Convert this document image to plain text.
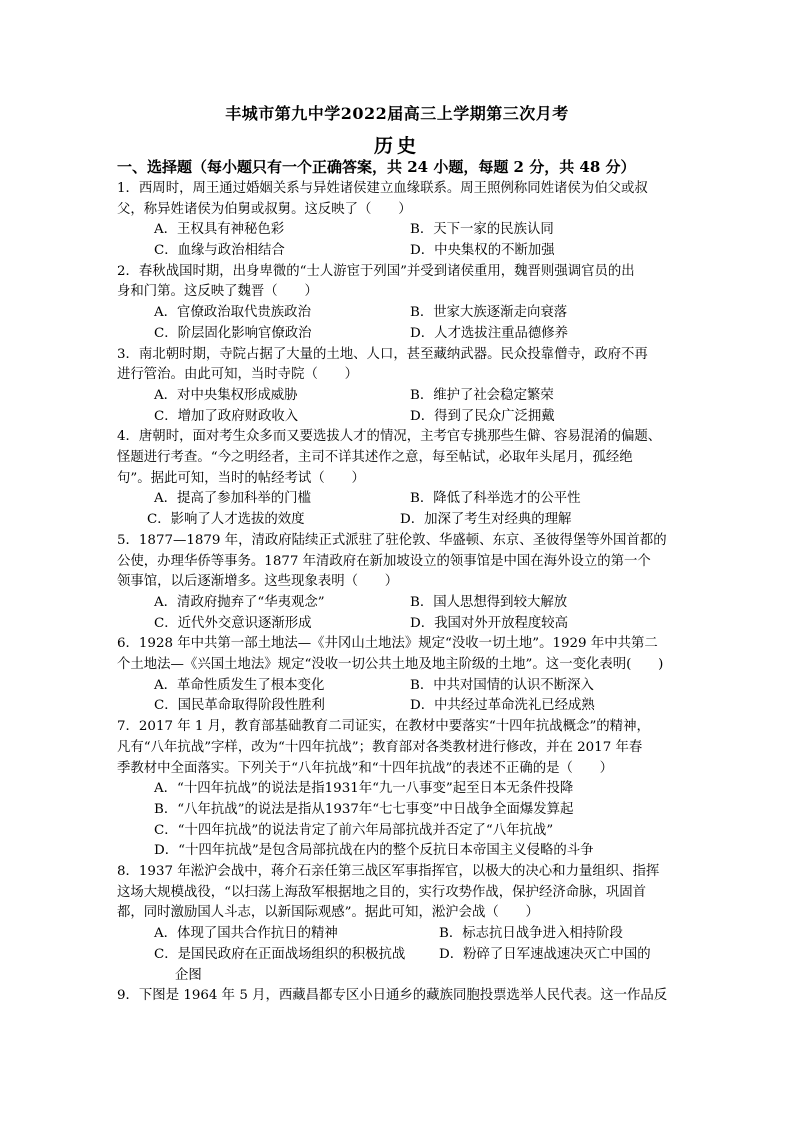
丰城市第九中学2022届高三上学期第三次月考
历史
一、选择题（每小题只有一个正确答案，共 24 小题，每题 2 分，共 48 分）

1．西周时，周王通过婚姻关系与异姓诸侯建立血缘联系。周王照例称同姓诸侯为伯父或叔

父，称异姓诸侯为伯舅或叔舅。这反映了（　　）

A．王权具有神秘色彩	B．天下一家的民族认同
C．血缘与政治相结合	D．中央集权的不断加强

2．春秋战国时期，出身卑微的“士人游宦于列国”并受到诸侯重用，魏晋则强调官员的出

身和门第。这反映了魏晋（　　）

A．官僚政治取代贵族政治	B．世家大族逐渐走向衰落
C．阶层固化影响官僚政治	D．人才选拔注重品德修养

3．南北朝时期，寺院占据了大量的土地、人口，甚至藏纳武器。民众投靠僧寺，政府不再

进行管治。由此可知，当时寺院（　　）

A．对中央集权形成威胁	B．维护了社会稳定繁荣
C．增加了政府财政收入	D．得到了民众广泛拥戴

4．唐朝时，面对考生众多而又要选拔人才的情况，主考官专挑那些生僻、容易混淆的偏题、

怪题进行考查。“今之明经者，主司不详其述作之意，每至帖试，必取年头尾月，孤经绝

句”。据此可知，当时的帖经考试（　　）

A．提高了参加科举的门槛	B．降低了科举选才的公平性
C．影响了人才选拔的效度	D．加深了考生对经典的理解

5．1877—1879 年，清政府陆续正式派驻了驻伦敦、华盛顿、东京、圣彼得堡等外国首都的

公使，办理华侨等事务。1877 年清政府在新加坡设立的领事馆是中国在海外设立的第一个

领事馆，以后逐渐增多。这些现象表明（　　）

A．清政府抛弃了“华夷观念”	B．国人思想得到较大解放
C．近代外交意识逐渐形成	D．我国对外开放程度较高

6．1928 年中共第一部土地法—《井冈山土地法》规定“没收一切土地”。1929 年中共第二

个土地法—《兴国土地法》规定“没收一切公共土地及地主阶级的土地”。这一变化表明(　　)

A．革命性质发生了根本变化	B．中共对国情的认识不断深入
C．国民革命取得阶段性胜利	D．中共经过革命洗礼已经成熟

7．2017 年 1 月，教育部基础教育二司证实，在教材中要落实“十四年抗战概念”的精神，

凡有“八年抗战”字样，改为“十四年抗战”；教育部对各类教材进行修改，并在 2017 年春

季教材中全面落实。下列关于“八年抗战”和“十四年抗战”的表述不正确的是（　　）

A．“十四年抗战”的说法是指1931年“九一八事变”起至日本无条件投降

B．“八年抗战”的说法是指从1937年“七七事变”中日战争全面爆发算起

C．“十四年抗战”的说法肯定了前六年局部抗战并否定了“八年抗战”

D．“十四年抗战”是包含局部抗战在内的整个反抗日本帝国主义侵略的斗争

8．1937 年淞沪会战中，蒋介石亲任第三战区军事指挥官，以极大的决心和力量组织、指挥

这场大规模战役，“以扫荡上海敌军根据地之目的，实行攻势作战，保护经济命脉，巩固首

都，同时激励国人斗志，以新国际观感”。据此可知，淞沪会战（　　）

A．体现了国共合作抗日的精神	B．标志抗日战争进入相持阶段
C．是国民政府在正面战场组织的积极抗战	D．粉碎了日军速战速决灭亡中国的

企图

9．下图是 1964 年 5 月，西藏昌都专区小日通乡的藏族同胞投票选举人民代表。这一作品反
